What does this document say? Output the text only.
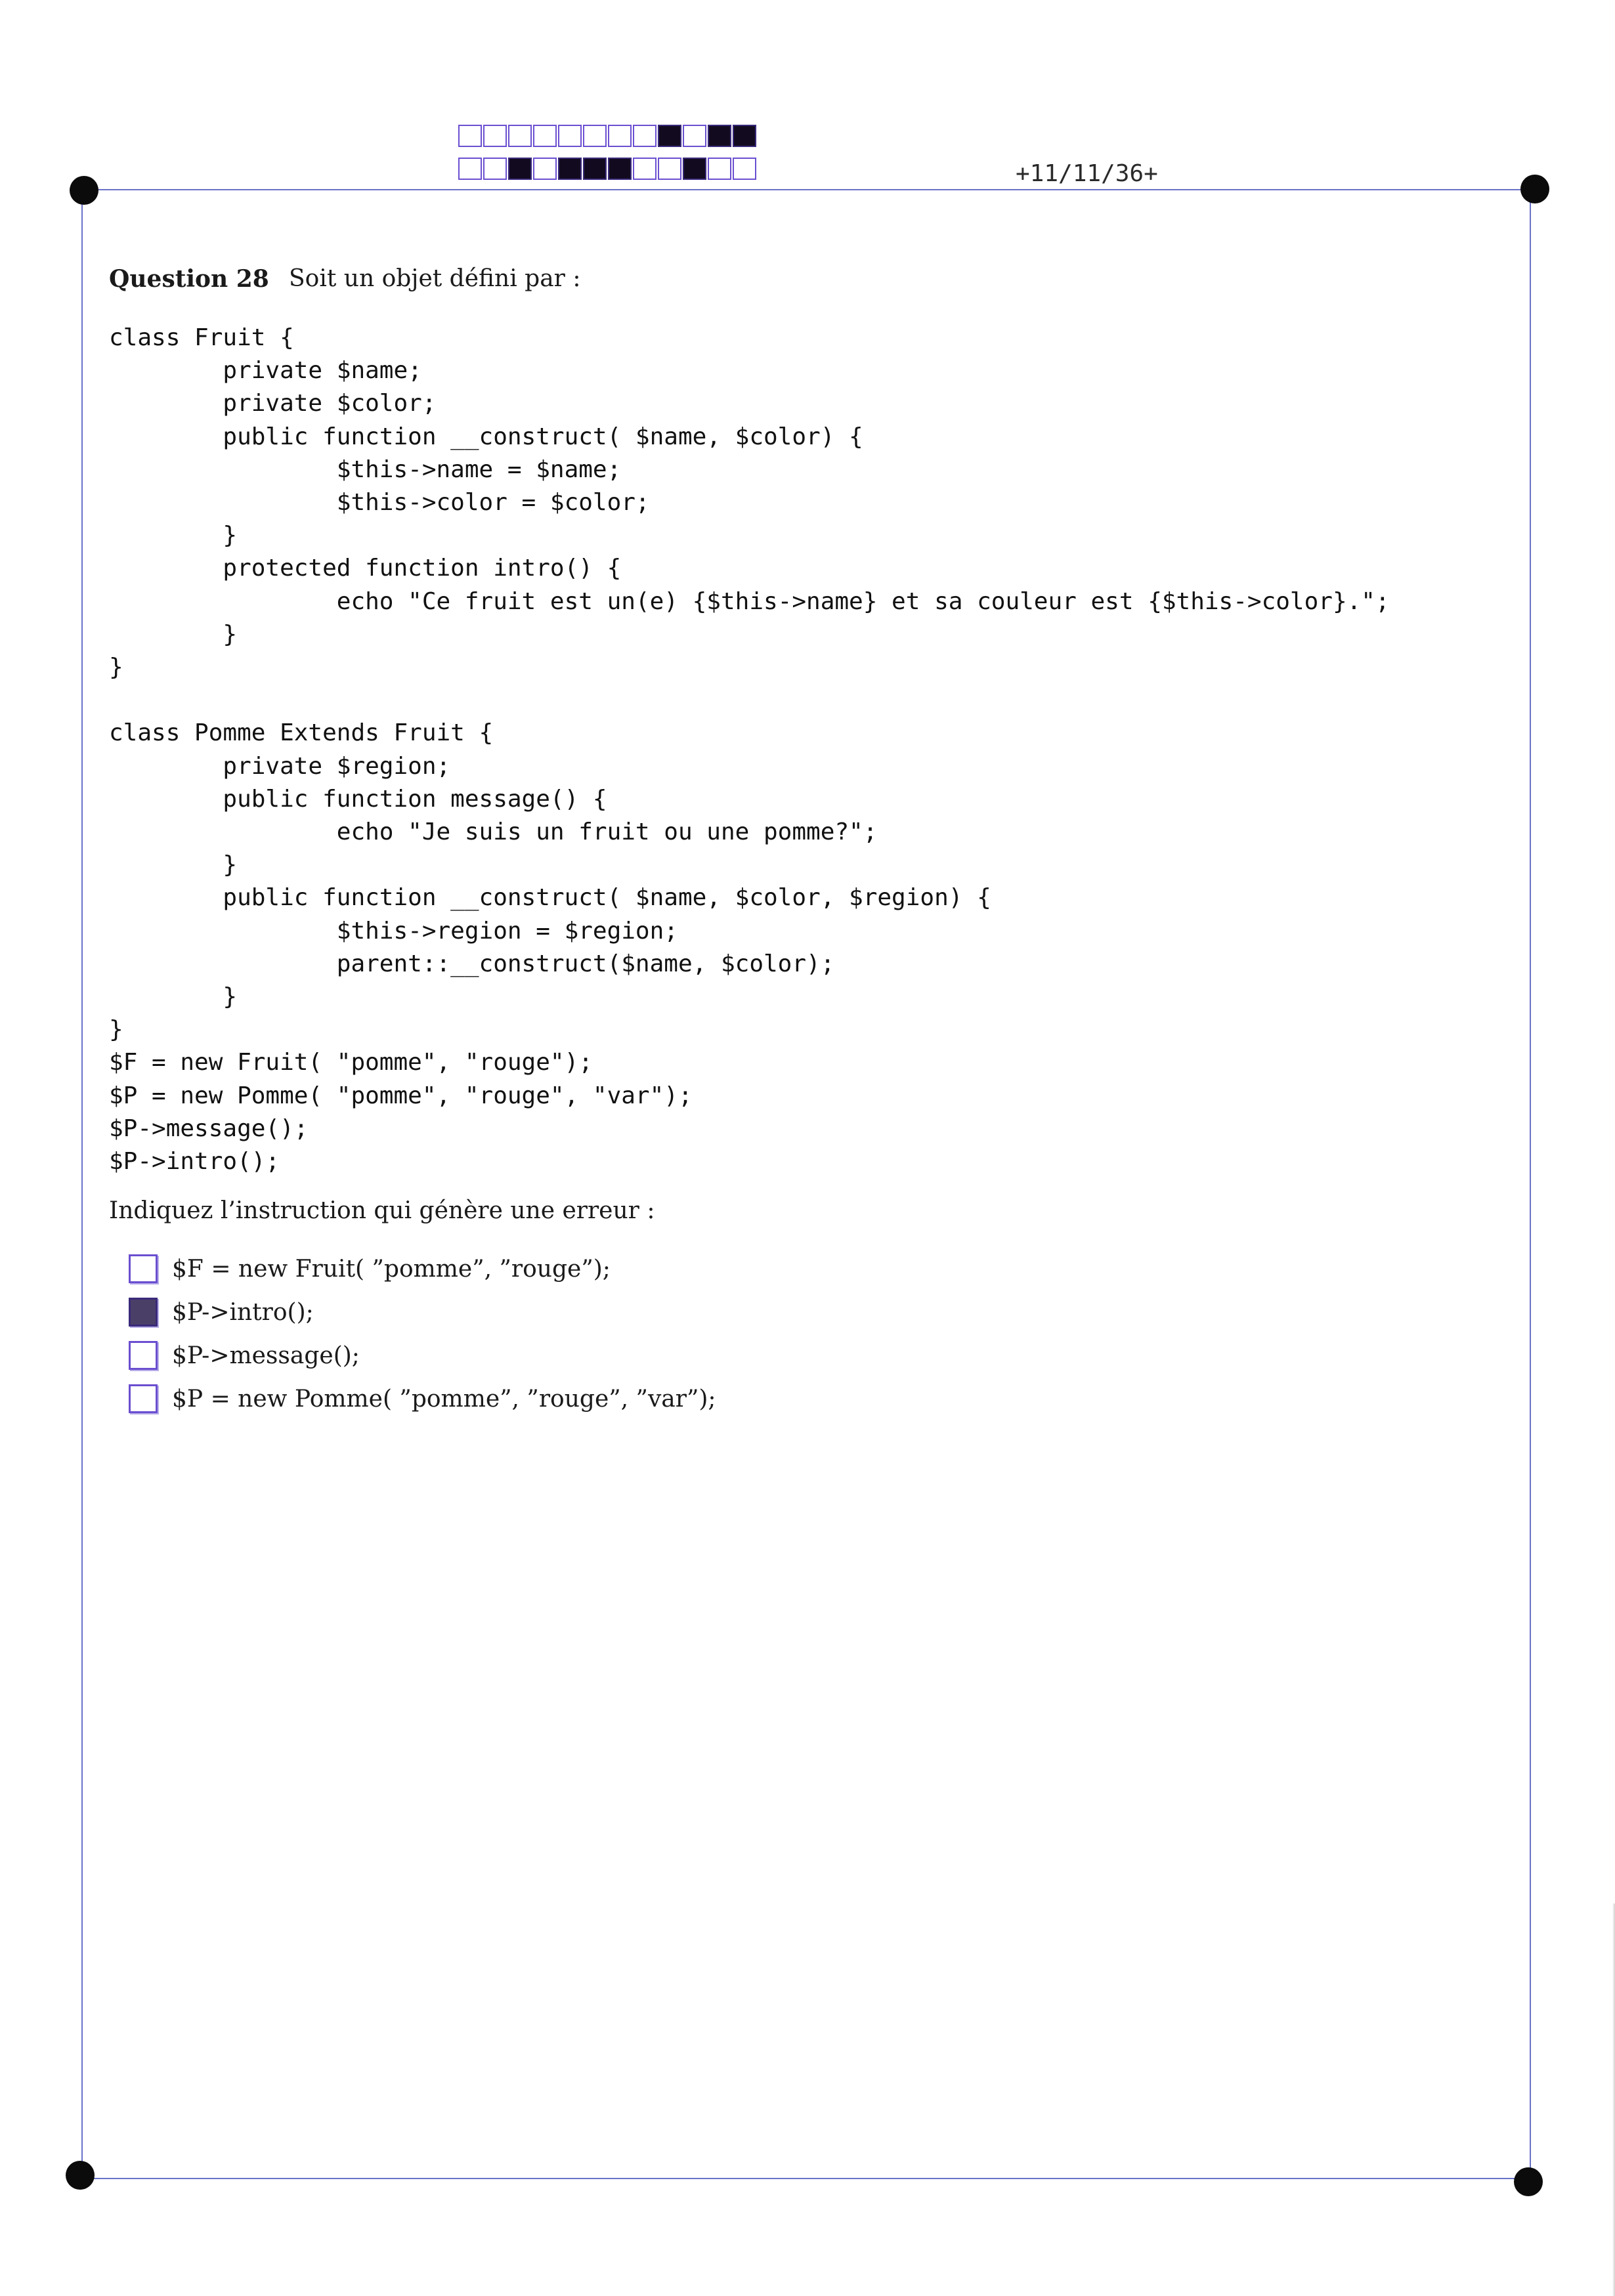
+11/11/36+
Question 28 Soit un objet défini par :
class Fruit {
private $name;
private $color;
public function __construct( $name, $color) {
$this->name = $name;
$this->color = $color;
}
protected function intro() {
echo "Ce fruit est un(e) {$this->name} et sa couleur est {$this->color}.";
}
}

class Pomme Extends Fruit {
private $region;
public function message() {
echo "Je suis un fruit ou une pomme?";
}
public function __construct( $name, $color, $region) {
$this->region = $region;
parent::__construct($name, $color);
}
}
$F = new Fruit( "pomme", "rouge");
$P = new Pomme( "pomme", "rouge", "var");
$P->message();
$P->intro();
Indiquez l’instruction qui génère une erreur :
$F = new Fruit( ”pomme”, ”rouge”);
$P->intro();
$P->message();
$P = new Pomme( ”pomme”, ”rouge”, ”var”);
